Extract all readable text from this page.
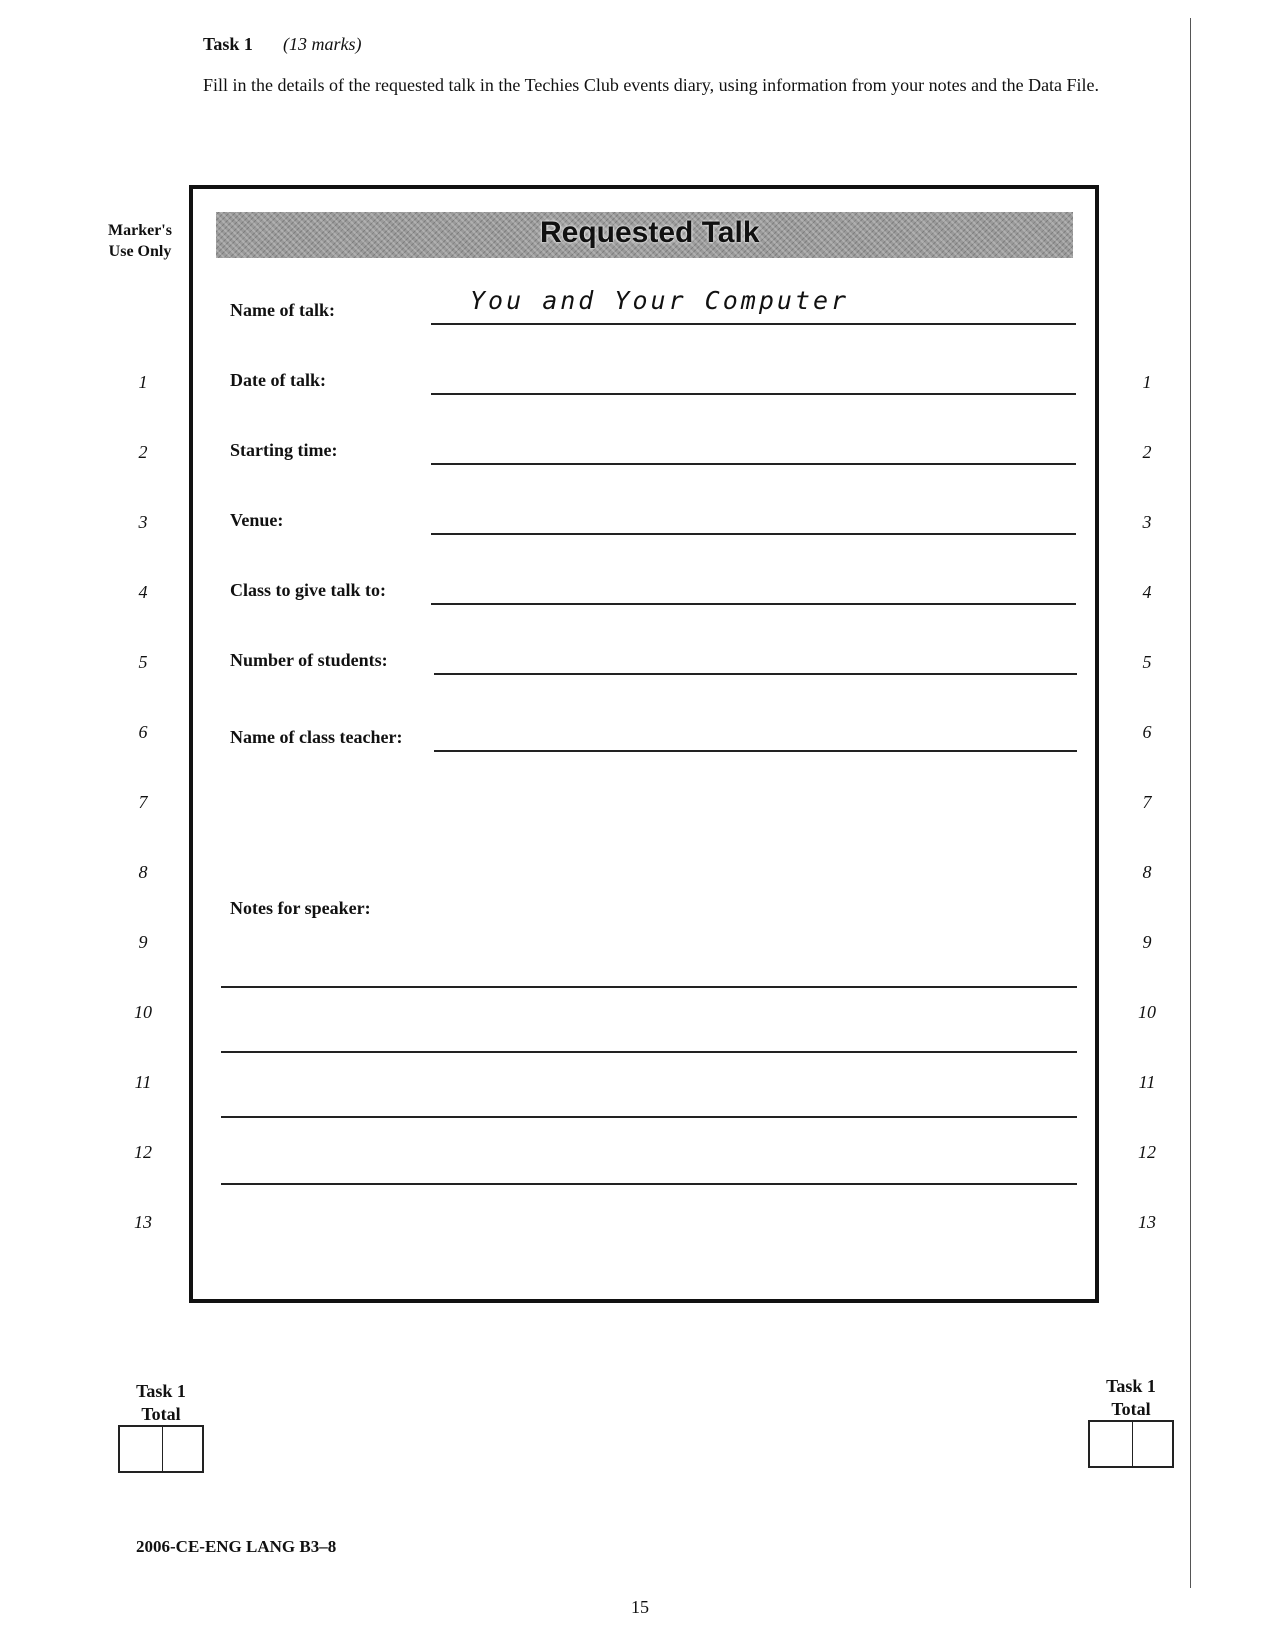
Task 1 (13 marks)
Fill in the details of the requested talk in the Techies Club events diary, using information from your notes and the Data File.
Marker's
Use Only
Requested Talk
Name of talk:	You and Your Computer
Date of talk:
Starting time:
Venue:
Class to give talk to:
Number of students:
Name of class teacher:
Notes for speaker:
1
2
3
4
5
6
7
8
9
10
11
12
13
1
2
3
4
5
6
7
8
9
10
11
12
13
Task 1
Total
Task 1
Total
2006-CE-ENG LANG B3–8
15
